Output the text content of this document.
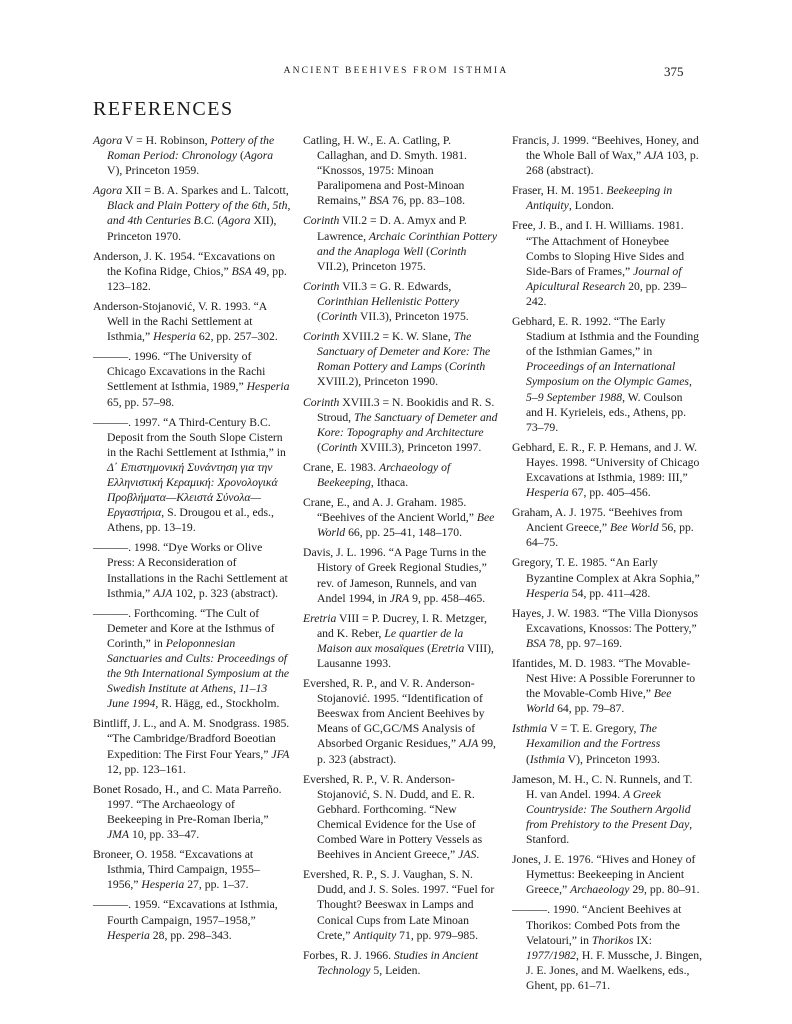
ANCIENT BEEHIVES FROM ISTHMIA	375
REFERENCES
Agora V = H. Robinson, Pottery of the Roman Period: Chronology (Agora V), Princeton 1959.
Agora XII = B. A. Sparkes and L. Talcott, Black and Plain Pottery of the 6th, 5th, and 4th Centuries B.C. (Agora XII), Princeton 1970.
Anderson, J. K. 1954. “Excavations on the Kofina Ridge, Chios,” BSA 49, pp. 123–182.
Anderson-Stojanović, V. R. 1993. “A Well in the Rachi Settlement at Isthmia,” Hesperia 62, pp. 257–302.
———. 1996. “The University of Chicago Excavations in the Rachi Settlement at Isthmia, 1989,” Hesperia 65, pp. 57–98.
———. 1997. “A Third-Century B.C. Deposit from the South Slope Cistern in the Rachi Settlement at Isthmia,” in Δ΄ Επιστημονική Συνάντηση για την Ελληνιστική Κεραμική: Χρονολογικά Προβλήματα—Κλειστά Σύνολα—Εργαστήρια, S. Drougou et al., eds., Athens, pp. 13–19.
———. 1998. “Dye Works or Olive Press: A Reconsideration of Installations in the Rachi Settlement at Isthmia,” AJA 102, p. 323 (abstract).
———. Forthcoming. “The Cult of Demeter and Kore at the Isthmus of Corinth,” in Peloponnesian Sanctuaries and Cults: Proceedings of the 9th International Symposium at the Swedish Institute at Athens, 11–13 June 1994, R. Hägg, ed., Stockholm.
Bintliff, J. L., and A. M. Snodgrass. 1985. “The Cambridge/Bradford Boeotian Expedition: The First Four Years,” JFA 12, pp. 123–161.
Bonet Rosado, H., and C. Mata Parreño. 1997. “The Archaeology of Beekeeping in Pre-Roman Iberia,” JMA 10, pp. 33–47.
Broneer, O. 1958. “Excavations at Isthmia, Third Campaign, 1955–1956,” Hesperia 27, pp. 1–37.
———. 1959. “Excavations at Isthmia, Fourth Campaign, 1957–1958,” Hesperia 28, pp. 298–343.
Catling, H. W., E. A. Catling, P. Callaghan, and D. Smyth. 1981. “Knossos, 1975: Minoan Paralipomena and Post-Minoan Remains,” BSA 76, pp. 83–108.
Corinth VII.2 = D. A. Amyx and P. Lawrence, Archaic Corinthian Pottery and the Anaploga Well (Corinth VII.2), Princeton 1975.
Corinth VII.3 = G. R. Edwards, Corinthian Hellenistic Pottery (Corinth VII.3), Princeton 1975.
Corinth XVIII.2 = K. W. Slane, The Sanctuary of Demeter and Kore: The Roman Pottery and Lamps (Corinth XVIII.2), Princeton 1990.
Corinth XVIII.3 = N. Bookidis and R. S. Stroud, The Sanctuary of Demeter and Kore: Topography and Architecture (Corinth XVIII.3), Princeton 1997.
Crane, E. 1983. Archaeology of Beekeeping, Ithaca.
Crane, E., and A. J. Graham. 1985. “Beehives of the Ancient World,” Bee World 66, pp. 25–41, 148–170.
Davis, J. L. 1996. “A Page Turns in the History of Greek Regional Studies,” rev. of Jameson, Runnels, and van Andel 1994, in JRA 9, pp. 458–465.
Eretria VIII = P. Ducrey, I. R. Metzger, and K. Reber, Le quartier de la Maison aux mosaïques (Eretria VIII), Lausanne 1993.
Evershed, R. P., and V. R. Anderson-Stojanović. 1995. “Identification of Beeswax from Ancient Beehives by Means of GC,GC/MS Analysis of Absorbed Organic Residues,” AJA 99, p. 323 (abstract).
Evershed, R. P., V. R. Anderson-Stojanović, S. N. Dudd, and E. R. Gebhard. Forthcoming. “New Chemical Evidence for the Use of Combed Ware in Pottery Vessels as Beehives in Ancient Greece,” JAS.
Evershed, R. P., S. J. Vaughan, S. N. Dudd, and J. S. Soles. 1997. “Fuel for Thought? Beeswax in Lamps and Conical Cups from Late Minoan Crete,” Antiquity 71, pp. 979–985.
Forbes, R. J. 1966. Studies in Ancient Technology 5, Leiden.
Francis, J. 1999. “Beehives, Honey, and the Whole Ball of Wax,” AJA 103, p. 268 (abstract).
Fraser, H. M. 1951. Beekeeping in Antiquity, London.
Free, J. B., and I. H. Williams. 1981. “The Attachment of Honeybee Combs to Sloping Hive Sides and Side-Bars of Frames,” Journal of Apicultural Research 20, pp. 239–242.
Gebhard, E. R. 1992. “The Early Stadium at Isthmia and the Founding of the Isthmian Games,” in Proceedings of an International Symposium on the Olympic Games, 5–9 September 1988, W. Coulson and H. Kyrieleis, eds., Athens, pp. 73–79.
Gebhard, E. R., F. P. Hemans, and J. W. Hayes. 1998. “University of Chicago Excavations at Isthmia, 1989: III,” Hesperia 67, pp. 405–456.
Graham, A. J. 1975. “Beehives from Ancient Greece,” Bee World 56, pp. 64–75.
Gregory, T. E. 1985. “An Early Byzantine Complex at Akra Sophia,” Hesperia 54, pp. 411–428.
Hayes, J. W. 1983. “The Villa Dionysos Excavations, Knossos: The Pottery,” BSA 78, pp. 97–169.
Ifantides, M. D. 1983. “The Movable-Nest Hive: A Possible Forerunner to the Movable-Comb Hive,” Bee World 64, pp. 79–87.
Isthmia V = T. E. Gregory, The Hexamilion and the Fortress (Isthmia V), Princeton 1993.
Jameson, M. H., C. N. Runnels, and T. H. van Andel. 1994. A Greek Countryside: The Southern Argolid from Prehistory to the Present Day, Stanford.
Jones, J. E. 1976. “Hives and Honey of Hymettus: Beekeeping in Ancient Greece,” Archaeology 29, pp. 80–91.
———. 1990. “Ancient Beehives at Thorikos: Combed Pots from the Velatouri,” in Thorikos IX: 1977/1982, H. F. Mussche, J. Bingen, J. E. Jones, and M. Waelkens, eds., Ghent, pp. 61–71.
